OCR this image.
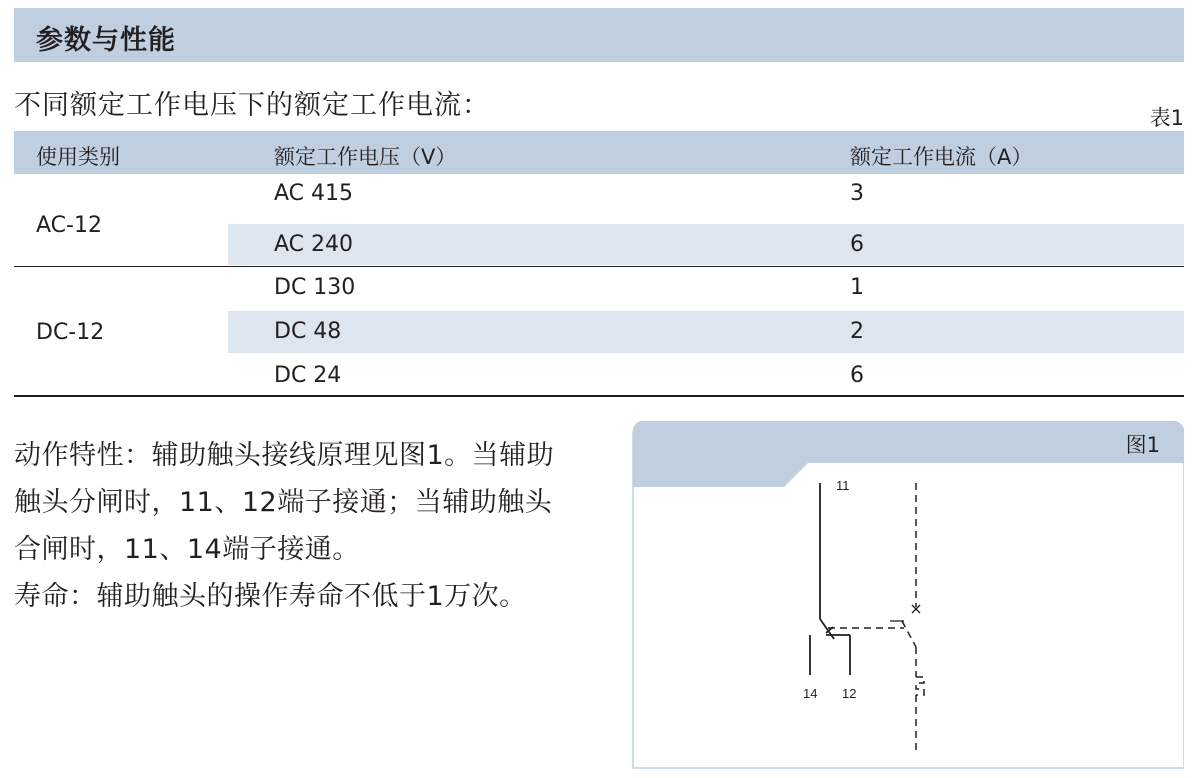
参数与性能
不同额定工作电压下的额定工作电流：	表1
使用类别	额定工作电压（V）	额定工作电流（A）
AC-12
AC 415	3
AC 240	6
DC-12
DC 130	1
DC 48	2
DC 24	6

动作特性：辅助触头接线原理见图1。当辅助

触头分闸时，11、12端子接通；当辅助触头

合闸时，11、14端子接通。

寿命：辅助触头的操作寿命不低于1万次。

11
14 12
图1
